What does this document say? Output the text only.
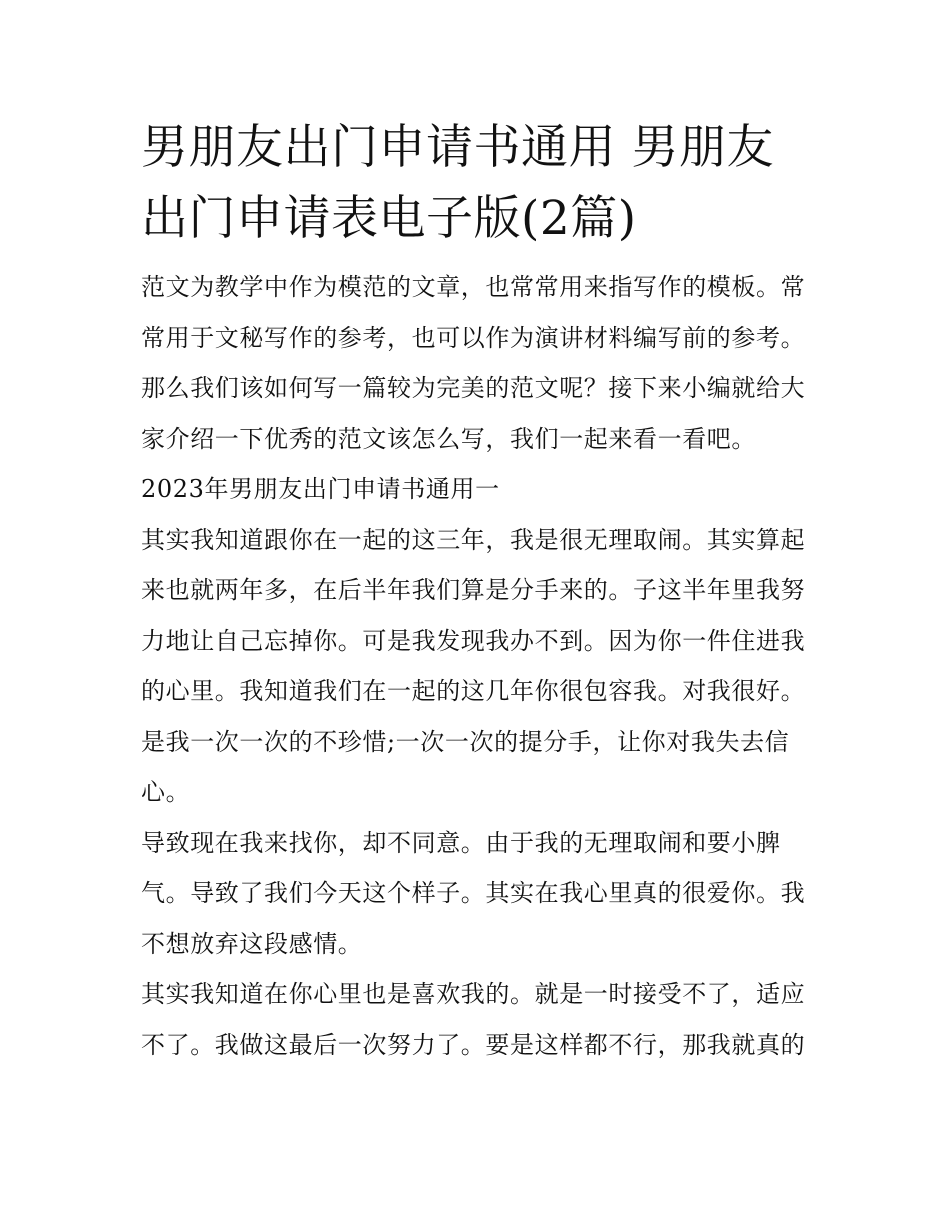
男朋友出门申请书通用 男朋友出门申请表电子版(2篇)

范文为教学中作为模范的文章，也常常用来指写作的模板。常常用于文秘写作的参考，也可以作为演讲材料编写前的参考。那么我们该如何写一篇较为完美的范文呢？接下来小编就给大家介绍一下优秀的范文该怎么写，我们一起来看一看吧。

2023年男朋友出门申请书通用一

其实我知道跟你在一起的这三年，我是很无理取闹。其实算起来也就两年多，在后半年我们算是分手来的。子这半年里我努力地让自己忘掉你。可是我发现我办不到。因为你一件住进我的心里。我知道我们在一起的这几年你很包容我。对我很好。是我一次一次的不珍惜;一次一次的提分手，让你对我失去信心。

导致现在我来找你，却不同意。由于我的无理取闹和要小脾气。导致了我们今天这个样子。其实在我心里真的很爱你。我不想放弃这段感情。

其实我知道在你心里也是喜欢我的。就是一时接受不了，适应不了。我做这最后一次努力了。要是这样都不行，那我就真的
